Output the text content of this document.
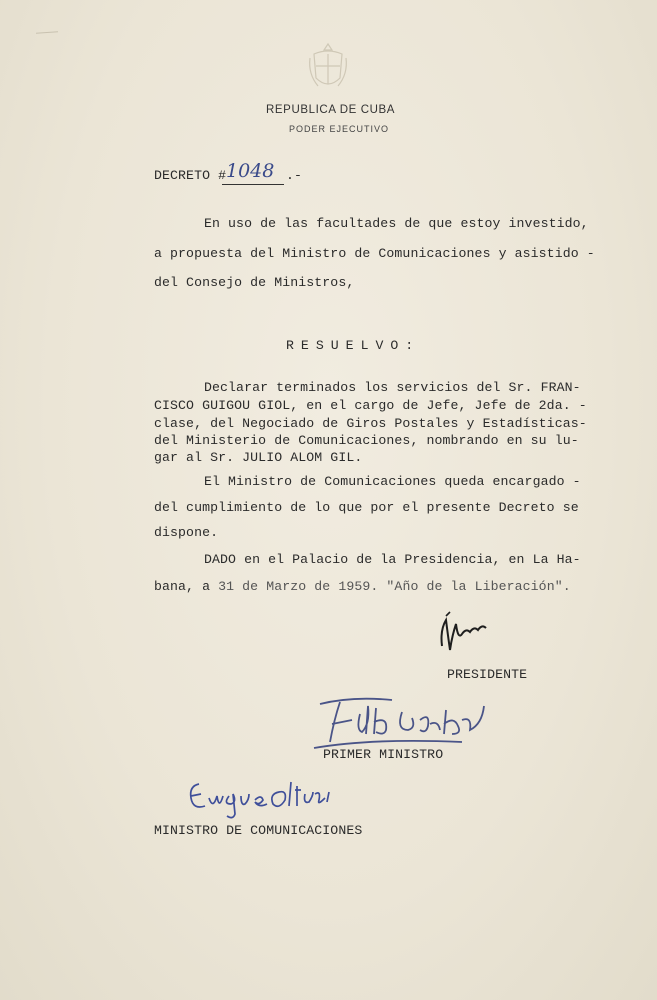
REPUBLICA DE CUBA
PODER EJECUTIVO
DECRETO # 1048 .-
En uso de las facultades de que estoy investido,
a propuesta del Ministro de Comunicaciones y asistido -
del Consejo de Ministros,
RESUELVO:
Declarar terminados los servicios del Sr. FRAN-
CISCO GUIGOU GIOL, en el cargo de Jefe, Jefe de 2da. -
clase, del Negociado de Giros Postales y Estadísticas-
del Ministerio de Comunicaciones, nombrando en su lu-
gar al Sr. JULIO ALOM GIL.
El Ministro de Comunicaciones queda encargado -
del cumplimiento de lo que por el presente Decreto se
dispone.
DADO en el Palacio de la Presidencia, en La Ha-
bana, a 31 de Marzo de 1959. "Año de la Liberación".
PRESIDENTE
PRIMER MINISTRO
MINISTRO DE COMUNICACIONES
